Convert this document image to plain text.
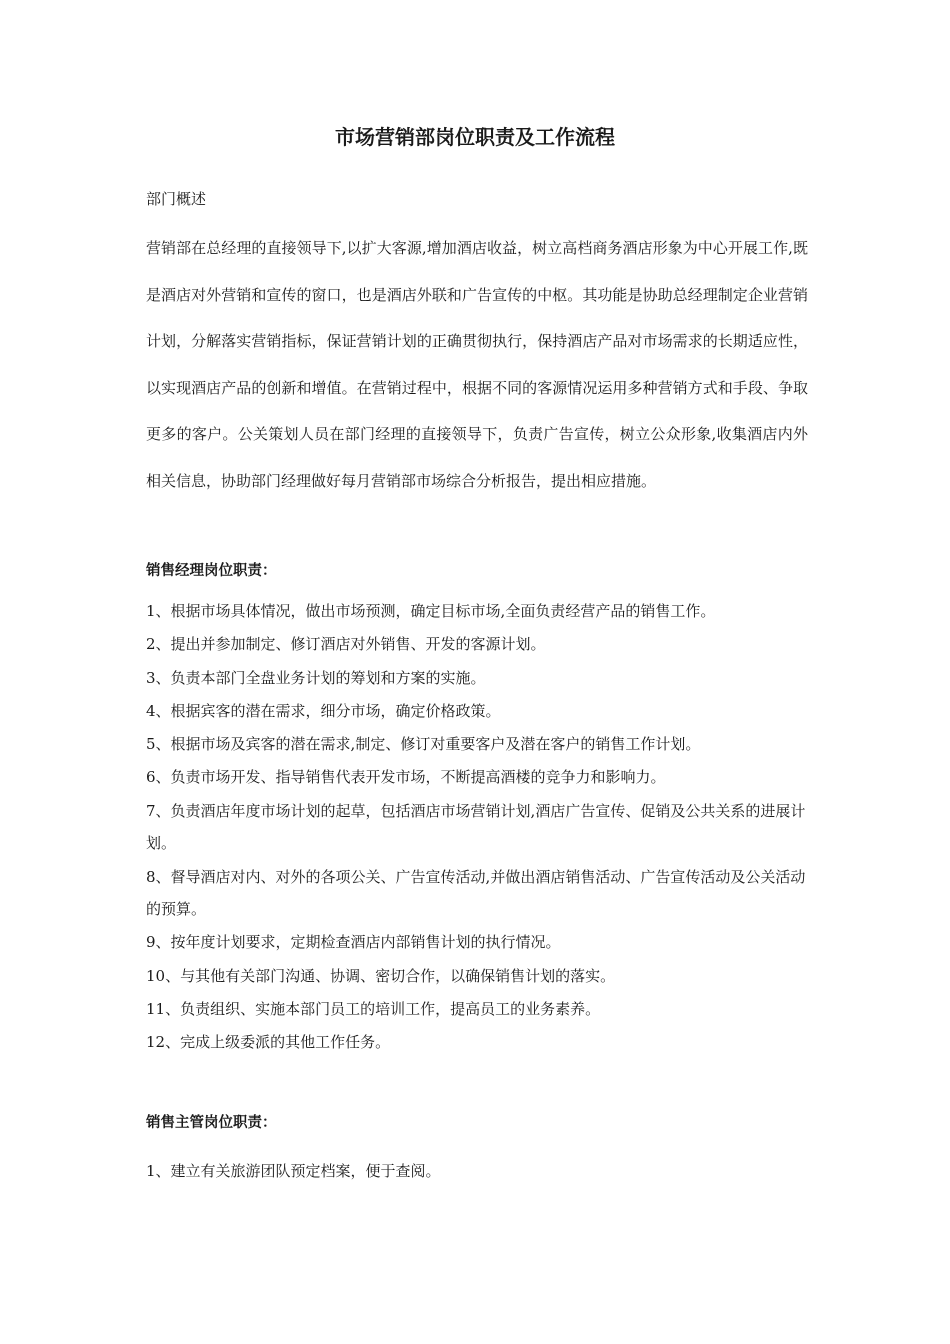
市场营销部岗位职责及工作流程
部门概述

营销部在总经理的直接领导下,以扩大客源,增加酒店收益，树立高档商务酒店形象为中心开展工作,既是酒店对外营销和宣传的窗口，也是酒店外联和广告宣传的中枢。其功能是协助总经理制定企业营销计划，分解落实营销指标，保证营销计划的正确贯彻执行，保持酒店产品对市场需求的长期适应性，以实现酒店产品的创新和增值。在营销过程中，根据不同的客源情况运用多种营销方式和手段、争取更多的客户。公关策划人员在部门经理的直接领导下，负责广告宣传，树立公众形象,收集酒店内外相关信息，协助部门经理做好每月营销部市场综合分析报告，提出相应措施。

销售经理岗位职责：
1、根据市场具体情况，做出市场预测，确定目标市场,全面负责经营产品的销售工作。
2、提出并参加制定、修订酒店对外销售、开发的客源计划。
3、负责本部门全盘业务计划的筹划和方案的实施。
4、根据宾客的潜在需求，细分市场，确定价格政策。
5、根据市场及宾客的潜在需求,制定、修订对重要客户及潜在客户的销售工作计划。
6、负责市场开发、指导销售代表开发市场，不断提高酒楼的竞争力和影响力。
7、负责酒店年度市场计划的起草，包括酒店市场营销计划,酒店广告宣传、促销及公共关系的进展计划。
8、督导酒店对内、对外的各项公关、广告宣传活动,并做出酒店销售活动、广告宣传活动及公关活动的预算。
9、按年度计划要求，定期检查酒店内部销售计划的执行情况。
10、与其他有关部门沟通、协调、密切合作，以确保销售计划的落实。
11、负责组织、实施本部门员工的培训工作，提高员工的业务素养。
12、完成上级委派的其他工作任务。
销售主管岗位职责：
1、建立有关旅游团队预定档案，便于查阅。
